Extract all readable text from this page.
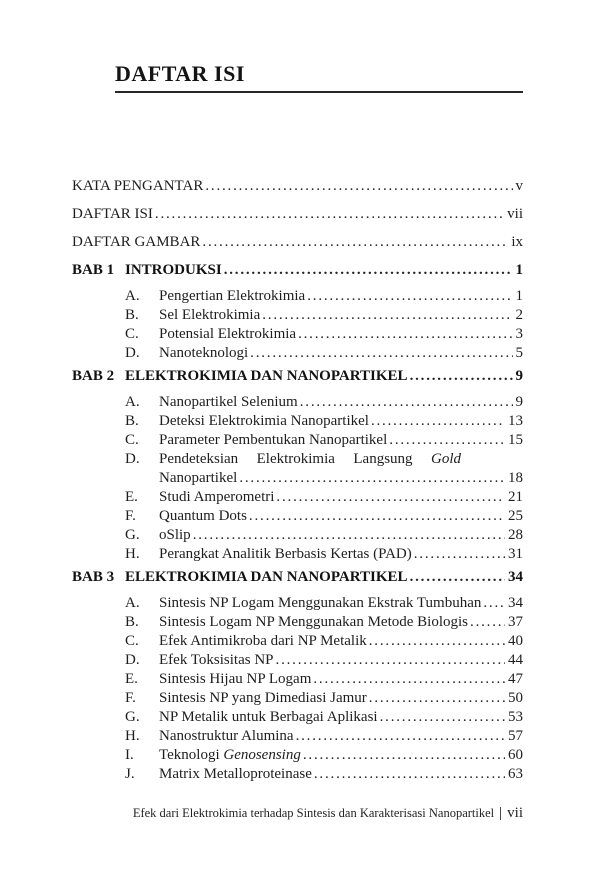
DAFTAR ISI
KATA PENGANTAR .....	v
DAFTAR ISI .....	vii
DAFTAR GAMBAR .....	ix
BAB 1 INTRODUKSI .....	1
A.	Pengertian Elektrokimia .....	1
B.	Sel Elektrokimia .....	2
C.	Potensial Elektrokimia .....	3
D.	Nanoteknologi .....	5
BAB 2 ELEKTROKIMIA DAN NANOPARTIKEL .....	9
A.	Nanopartikel Selenium .....	9
B.	Deteksi Elektrokimia Nanopartikel .....	13
C.	Parameter Pembentukan Nanopartikel .....	15
D.	Pendeteksian Elektrokimia Langsung Gold
Nanopartikel .....	18
E.	Studi Amperometri .....	21
F.	Quantum Dots .....	25
G.	oSlip .....	28
H.	Perangkat Analitik Berbasis Kertas (PAD) .....	31
BAB 3 ELEKTROKIMIA DAN NANOPARTIKEL .....	34
A.	Sintesis NP Logam Menggunakan Ekstrak Tumbuhan ..... 34
B.	Sintesis Logam NP Menggunakan Metode Biologis .....	37
C.	Efek Antimikroba dari NP Metalik .....	40
D.	Efek Toksisitas NP .....	44
E.	Sintesis Hijau NP Logam .....	47
F.	Sintesis NP yang Dimediasi Jamur .....	50
G.	NP Metalik untuk Berbagai Aplikasi .....	53
H.	Nanostruktur Alumina .....	57
I.	Teknologi Genosensing .....	60
J.	Matrix Metalloproteinase .....	63
Efek dari Elektrokimia terhadap Sintesis dan Karakterisasi Nanopartikel vii
